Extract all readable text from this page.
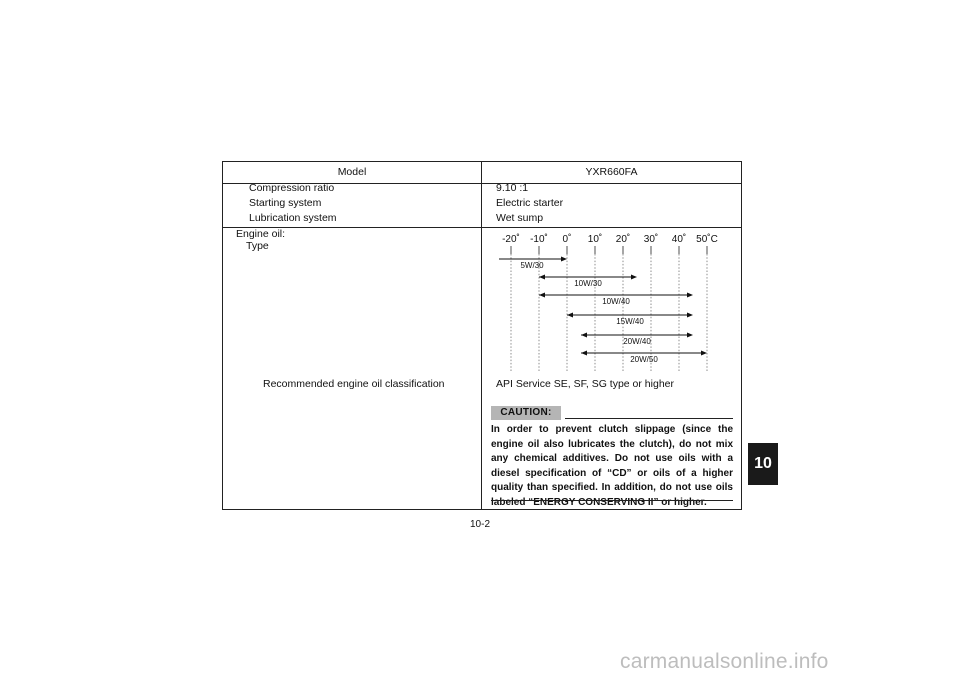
Model	YXR660FA
Compression ratio	9.10 :1
Starting system	Electric starter
Lubrication system	Wet sump
Engine oil:
Type
-20˚ -10˚ 0˚ 10˚ 20˚ 30˚ 40˚ 50˚C
5W/30
10W/30
10W/40
15W/40
20W/40
20W/50
Recommended engine oil classification	API Service SE, SF, SG type or higher
CAUTION:
In order to prevent clutch slippage (since the engine oil also lubricates the clutch), do not mix any chemical additives. Do not use oils with a diesel specification of “CD” or oils of a higher quality than specified. In addition, do not use oils labeled “ENERGY CONSERVING II” or higher.
10
10-2
carmanualsonline.info
